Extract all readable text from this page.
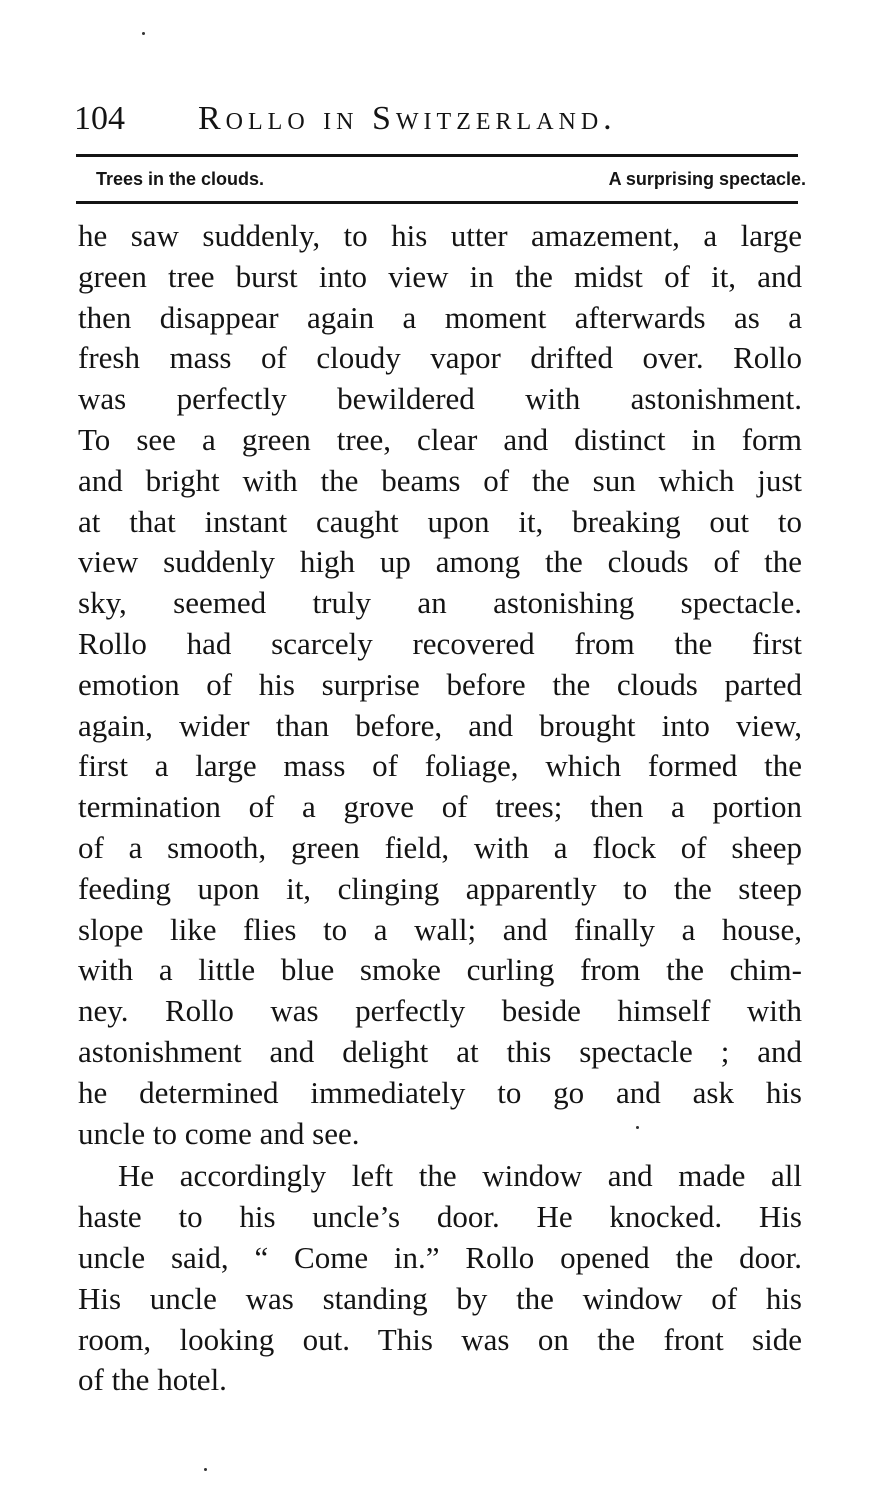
104 Rollo in Switzerland.
Trees in the clouds.	A surprising spectacle.
he saw suddenly, to his utter amazement, a large
green tree burst into view in the midst of it, and
then disappear again a moment afterwards as a
fresh mass of cloudy vapor drifted over. Rollo
was perfectly bewildered with astonishment.
To see a green tree, clear and distinct in form
and bright with the beams of the sun which just
at that instant caught upon it, breaking out to
view suddenly high up among the clouds of the
sky, seemed truly an astonishing spectacle.
Rollo had scarcely recovered from the first
emotion of his surprise before the clouds parted
again, wider than before, and brought into view,
first a large mass of foliage, which formed the
termination of a grove of trees; then a portion
of a smooth, green field, with a flock of sheep
feeding upon it, clinging apparently to the steep
slope like flies to a wall; and finally a house,
with a little blue smoke curling from the chim-
ney. Rollo was perfectly beside himself with
astonishment and delight at this spectacle ; and
he determined immediately to go and ask his
uncle to come and see.
He accordingly left the window and made all
haste to his uncle’s door. He knocked. His
uncle said, “ Come in.” Rollo opened the door.
His uncle was standing by the window of his
room, looking out. This was on the front side
of the hotel.
